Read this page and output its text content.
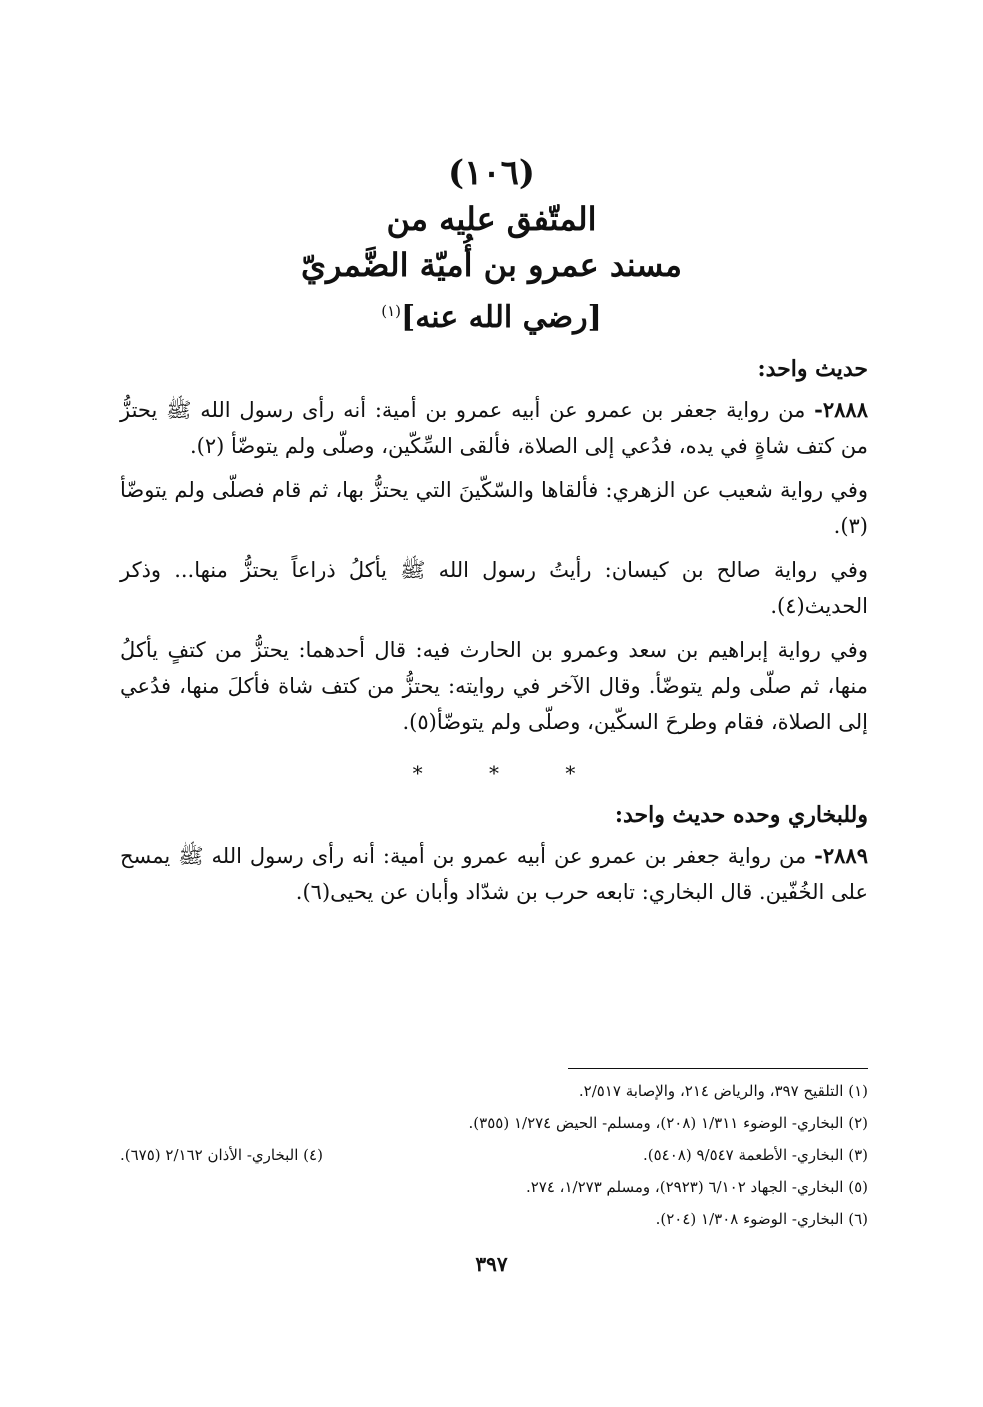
(١٠٦)

المتّفق عليه من

مسند عمرو بن أُميّة الضَّمريّ

[رضي الله عنه]$^{(١)}$

حديث واحد:

٢٨٨٨- من رواية جعفر بن عمرو عن أبيه عمرو بن أمية: أنه رأى رسول الله ﷺ يحتزُّ من كتف شاةٍ في يده، فدُعي إلى الصلاة، فألقى السِّكّين، وصلّى ولم يتوضّأ (٢).

وفي رواية شعيب عن الزهري: فألقاها والسّكّينَ التي يحتزُّ بها، ثم قام فصلّى ولم يتوضّأ (٣).

وفي رواية صالح بن كيسان: رأيتُ رسول الله ﷺ يأكلُ ذراعاً يحتزُّ منها... وذكر الحديث(٤).

وفي رواية إبراهيم بن سعد وعمرو بن الحارث فيه: قال أحدهما: يحتزُّ من كتفٍ يأكلُ منها، ثم صلّى ولم يتوضّأ. وقال الآخر في روايته: يحتزُّ من كتف شاة فأكلَ منها، فدُعي إلى الصلاة، فقام وطرحَ السكّين، وصلّى ولم يتوضّأ(٥).

* * *

وللبخاري وحده حديث واحد:

٢٨٨٩- من رواية جعفر بن عمرو عن أبيه عمرو بن أمية: أنه رأى رسول الله ﷺ يمسح على الخُفّين. قال البخاري: تابعه حرب بن شدّاد وأبان عن يحيى(٦).

(١) التلقيح ٣٩٧، والرياض ٢١٤، والإصابة ٢/٥١٧.

(٢) البخاري- الوضوء ١/٣١١ (٢٠٨)، ومسلم- الحيض ١/٢٧٤ (٣٥٥).

(٣) البخاري- الأطعمة ٩/٥٤٧ (٥٤٠٨).

(٤) البخاري- الأذان ٢/١٦٢ (٦٧٥).

(٥) البخاري- الجهاد ٦/١٠٢ (٢٩٢٣)، ومسلم ١/٢٧٣، ٢٧٤.

(٦) البخاري- الوضوء ١/٣٠٨ (٢٠٤).

٣٩٧
